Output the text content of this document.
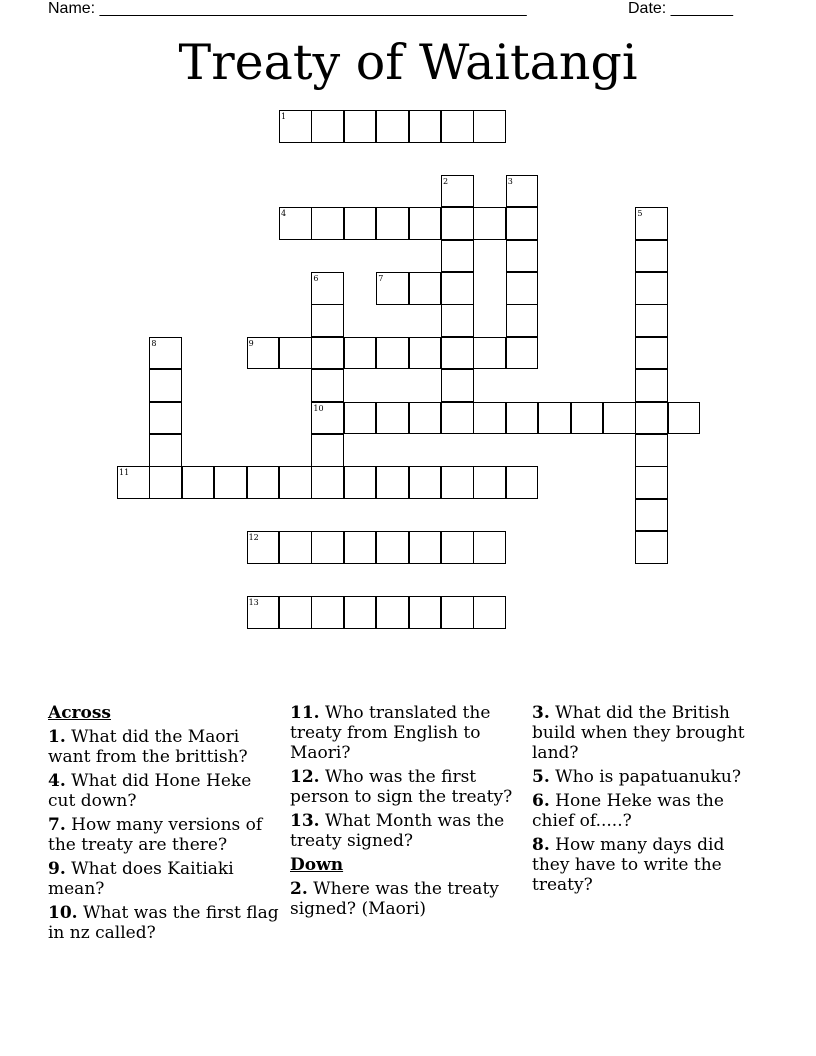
Name: ________________________________________________	Date: _______
Treaty of Waitangi
1
2	3
4	5
6
10
7
8	9
11
12
13
Across
1. What did the Maori want from the brittish?
4. What did Hone Heke cut down?
7. How many versions of the treaty are there?
9. What does Kaitiaki mean?
10. What was the first flag in nz called?
11. Who translated the treaty from English to Maori?
12. Who was the first person to sign the treaty?
13. What Month was the treaty signed?
Down
2. Where was the treaty signed? (Maori)
3. What did the British build when they brought land?
5. Who is papatuanuku?
6. Hone Heke was the chief of.....?
8. How many days did they have to write the treaty?
